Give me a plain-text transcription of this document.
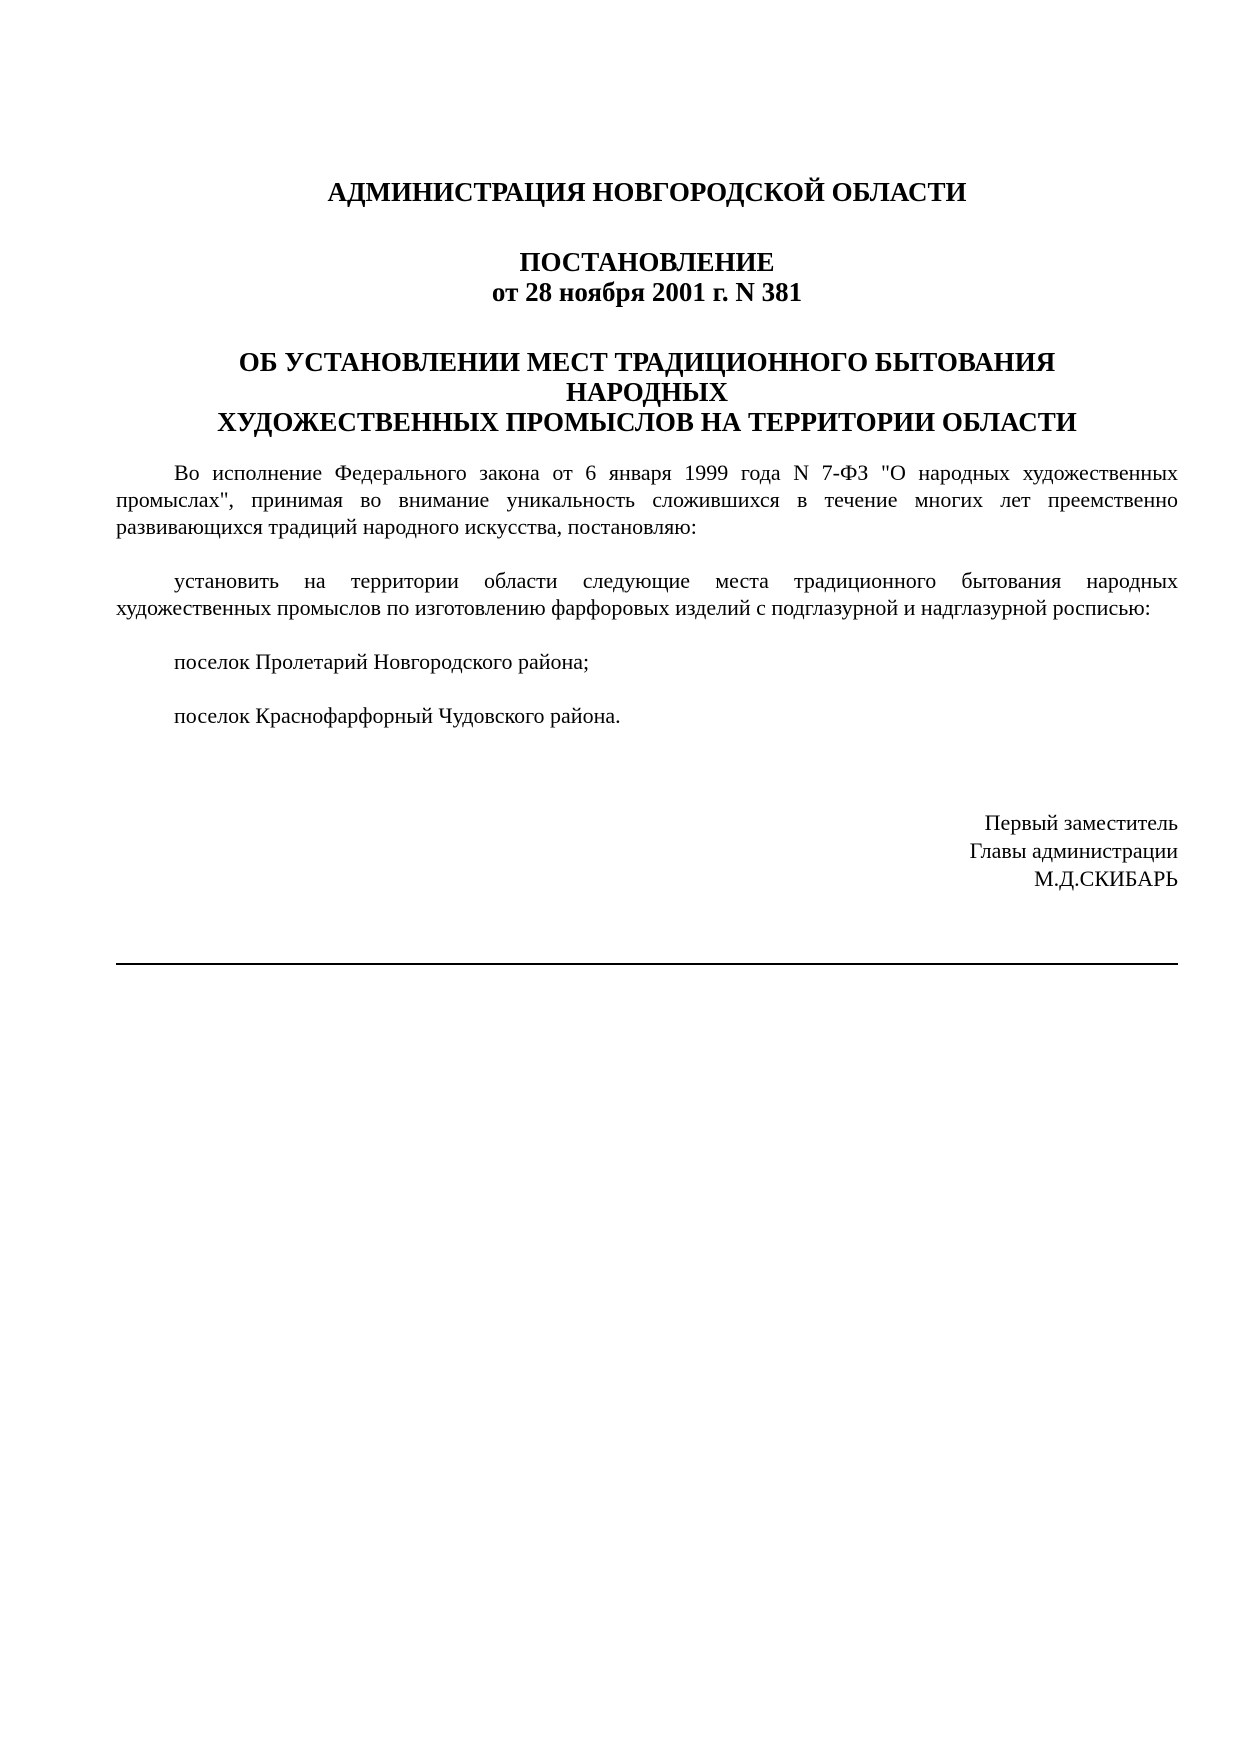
АДМИНИСТРАЦИЯ НОВГОРОДСКОЙ ОБЛАСТИ
ПОСТАНОВЛЕНИЕ
от 28 ноября 2001 г. N 381
ОБ УСТАНОВЛЕНИИ МЕСТ ТРАДИЦИОННОГО БЫТОВАНИЯ
НАРОДНЫХ
ХУДОЖЕСТВЕННЫХ ПРОМЫСЛОВ НА ТЕРРИТОРИИ ОБЛАСТИ

Во исполнение Федерального закона от 6 января 1999 года N 7-ФЗ "О народных художественных промыслах", принимая во внимание уникальность сложившихся в течение многих лет преемственно развивающихся традиций народного искусства, постановляю:

установить на территории области следующие места традиционного бытования народных художественных промыслов по изготовлению фарфоровых изделий с подглазурной и надглазурной росписью:

поселок Пролетарий Новгородского района;

поселок Краснофарфорный Чудовского района.

Первый заместитель
Главы администрации
М.Д.СКИБАРЬ
